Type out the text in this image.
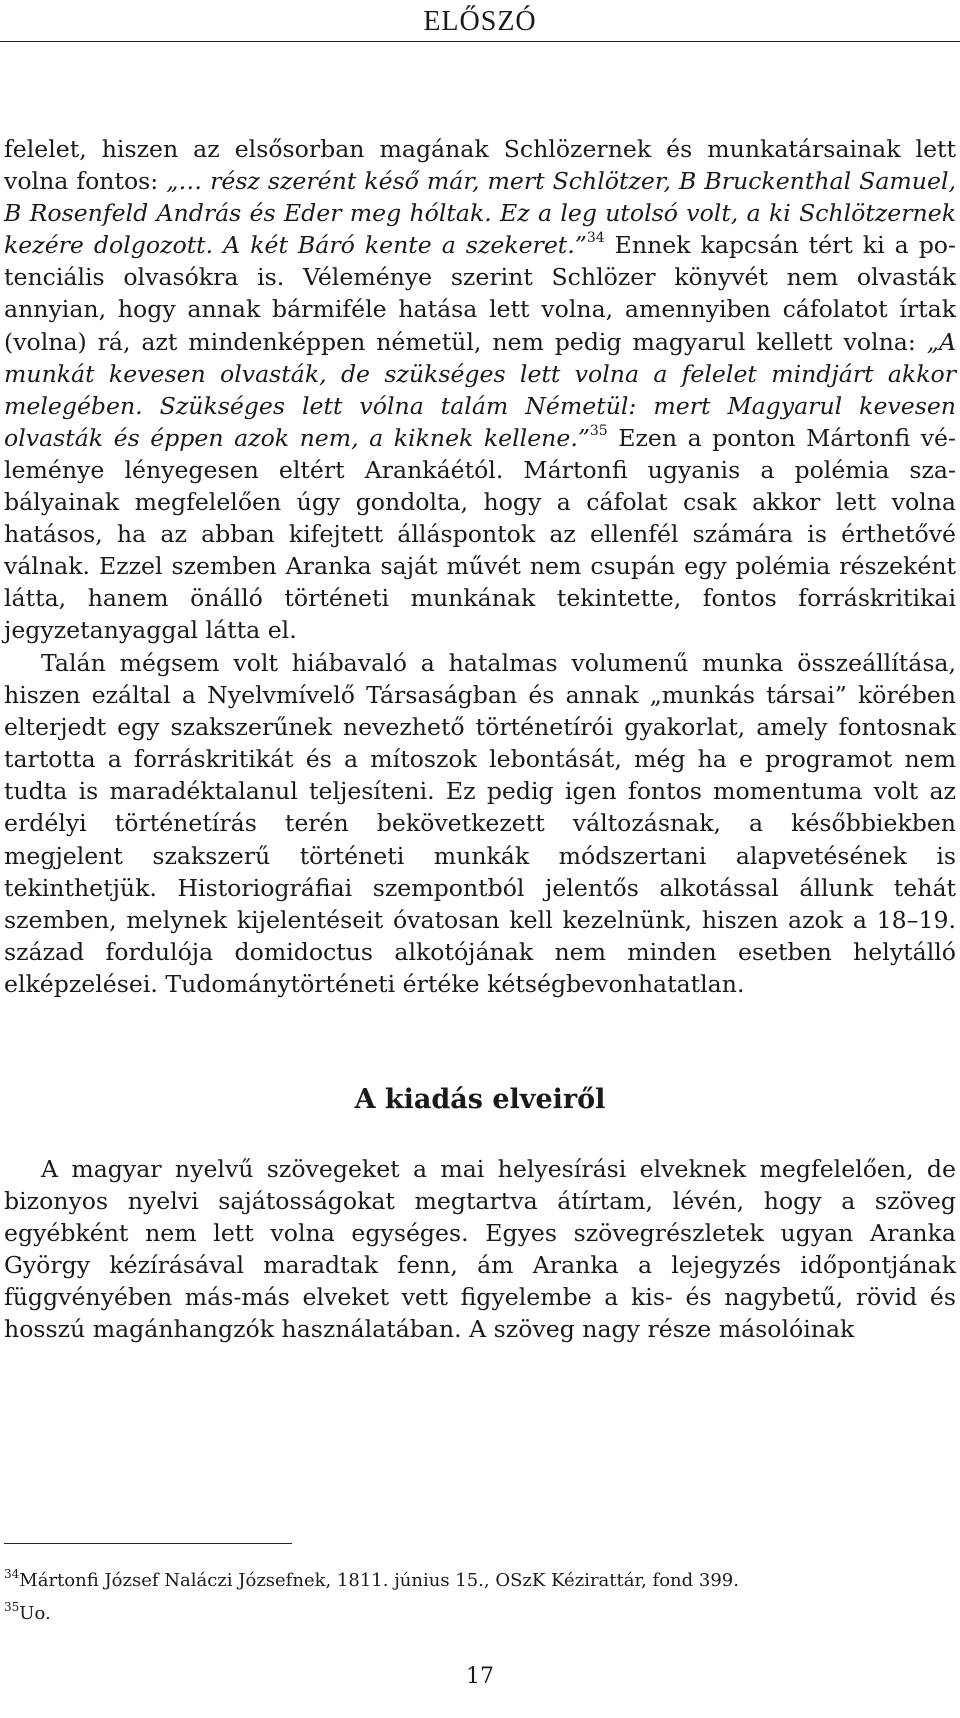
ELŐSZÓ

felelet, hiszen az elsősorban magának Schlözernek és munkatársainak lett volna fontos: „… rész szerént késő már, mert Schlötzer, B Bruckenthal Samuel, B Rosenfeld András és Eder meg hóltak. Ez a leg utolsó volt, a ki Schlötzernek kezére dolgozott. A két Báró kente a szekeret.”$^{34}$ Ennek kapcsán tért ki a potenciális olvasókra is. Véleménye szerint Schlözer könyvét nem olvasták annyian, hogy annak bármiféle hatása lett volna, amennyiben cáfolatot írtak (volna) rá, azt mindenképpen németül, nem pedig magyarul kellett volna: „A munkát kevesen olvasták, de szükséges lett volna a felelet mindjárt akkor melegében. Szükséges lett vólna talám Németül: mert Magyarul kevesen olvasták és éppen azok nem, a kiknek kellene.”$^{35}$ Ezen a ponton Mártonfi véleménye lényegesen eltért Arankáétól. Mártonfi ugyanis a polémia szabályainak megfelelően úgy gondolta, hogy a cáfolat csak akkor lett volna hatásos, ha az abban kifejtett álláspontok az ellenfél számára is érthetővé válnak. Ezzel szemben Aranka saját művét nem csupán egy polémia részeként látta, hanem önálló történeti munkának tekintette, fontos forráskritikai jegyzetanyaggal látta el.

Talán mégsem volt hiábavaló a hatalmas volumenű munka összeállítása, hiszen ezáltal a Nyelvmívelő Társaságban és annak „munkás társai” körében elterjedt egy szakszerűnek nevezhető történetírói gyakorlat, amely fontosnak tartotta a forráskritikát és a mítoszok lebontását, még ha e programot nem tudta is maradéktalanul teljesíteni. Ez pedig igen fontos momentuma volt az erdélyi történetírás terén bekövetkezett változásnak, a későbbiekben megjelent szakszerű történeti munkák módszertani alapvetésének is tekinthetjük. Historiográfiai szempontból jelentős alkotással állunk tehát szemben, melynek kijelentéseit óvatosan kell kezelnünk, hiszen azok a 18–19. század fordulója domidoctus alkotójának nem minden esetben helytálló elképzelései. Tudománytörténeti értéke kétségbevonhatatlan.

A kiadás elveiről

A magyar nyelvű szövegeket a mai helyesírási elveknek megfelelően, de bizonyos nyelvi sajátosságokat megtartva átírtam, lévén, hogy a szöveg egyébként nem lett volna egységes. Egyes szövegrészletek ugyan Aranka György kézírásával maradtak fenn, ám Aranka a lejegyzés időpontjának függvényében más-más elveket vett figyelembe a kis- és nagybetű, rövid és hosszú magánhangzók használatában. A szöveg nagy része másolóinak

$^{34}$Mártonfi József Naláczi Józsefnek, 1811. június 15., OSzK Kézirattár, fond 399.
$^{35}$Uo.
17
